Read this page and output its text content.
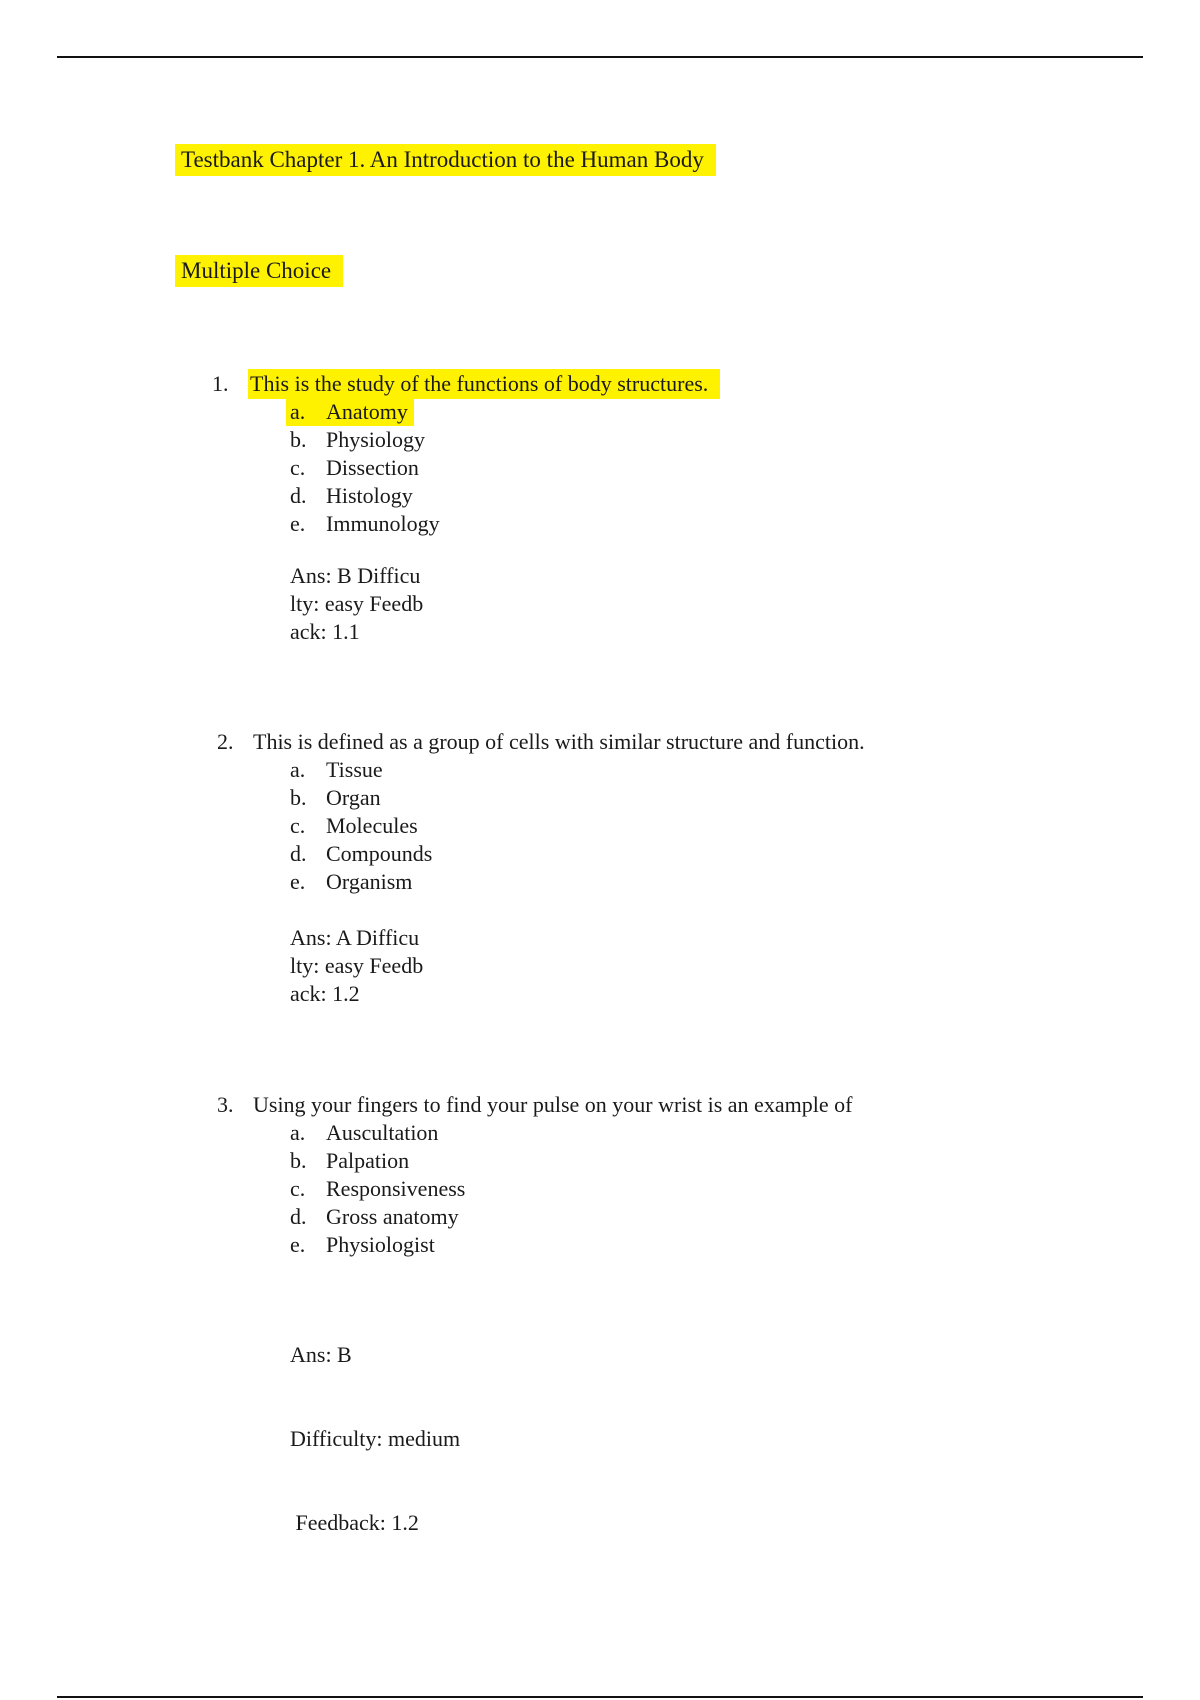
Testbank Chapter 1. An Introduction to the Human Body
Multiple Choice
1. This is the study of the functions of body structures.
a. Anatomy
b. Physiology
c. Dissection
d. Histology
e. Immunology
Ans: B Difficu
lty: easy Feedb
ack: 1.1
2. This is defined as a group of cells with similar structure and function.
a. Tissue
b. Organ
c. Molecules
d. Compounds
e. Organism
Ans: A Difficu
lty: easy Feedb
ack: 1.2
3. Using your fingers to find your pulse on your wrist is an example of
a. Auscultation
b. Palpation
c. Responsiveness
d. Gross anatomy
e. Physiologist

Ans: B

Difficulty: medium

Feedback: 1.2
